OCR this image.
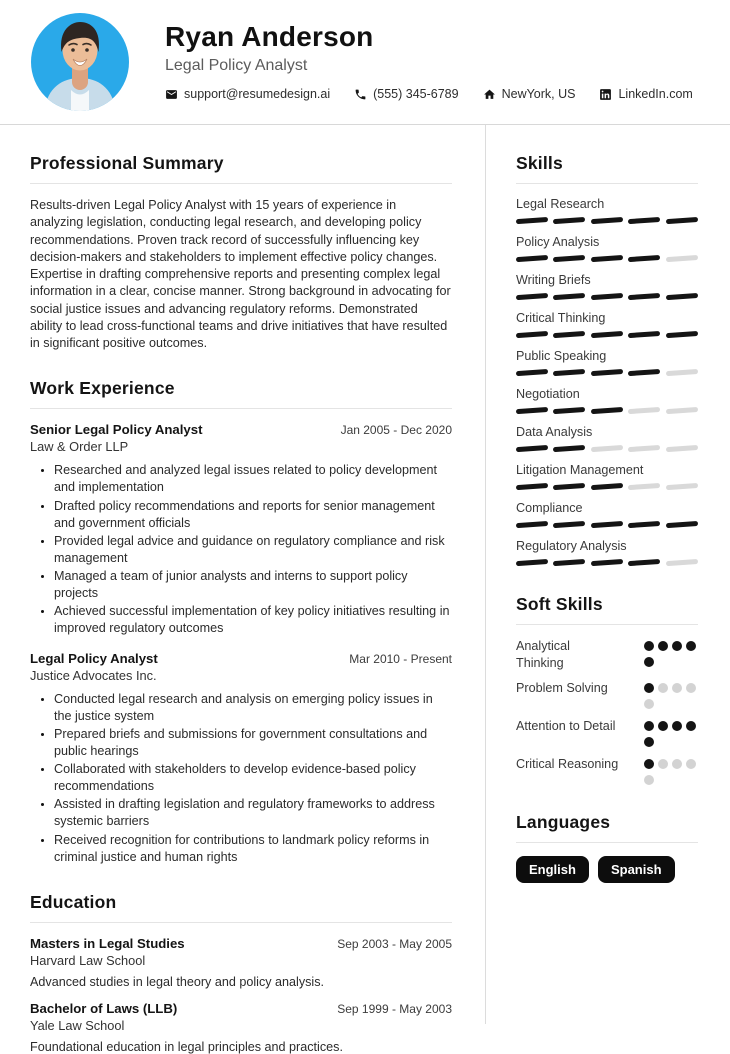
Ryan Anderson
Legal Policy Analyst
support@resumedesign.ai	(555) 345-6789	NewYork, US	LinkedIn.com
Professional Summary
Results-driven Legal Policy Analyst with 15 years of experience in analyzing legislation, conducting legal research, and developing policy recommendations. Proven track record of successfully influencing key decision-makers and stakeholders to implement effective policy changes. Expertise in drafting comprehensive reports and presenting complex legal information in a clear, concise manner. Strong background in advocating for social justice issues and advancing regulatory reforms. Demonstrated ability to lead cross-functional teams and drive initiatives that have resulted in significant positive outcomes.
Work Experience
Senior Legal Policy Analyst	Jan 2005 - Dec 2020
Law & Order LLP
• Researched and analyzed legal issues related to policy development and implementation
• Drafted policy recommendations and reports for senior management and government officials
• Provided legal advice and guidance on regulatory compliance and risk management
• Managed a team of junior analysts and interns to support policy projects
• Achieved successful implementation of key policy initiatives resulting in improved regulatory outcomes
Legal Policy Analyst	Mar 2010 - Present
Justice Advocates Inc.
• Conducted legal research and analysis on emerging policy issues in the justice system
• Prepared briefs and submissions for government consultations and public hearings
• Collaborated with stakeholders to develop evidence-based policy recommendations
• Assisted in drafting legislation and regulatory frameworks to address systemic barriers
• Received recognition for contributions to landmark policy reforms in criminal justice and human rights
Education
Masters in Legal Studies	Sep 2003 - May 2005
Harvard Law School
Advanced studies in legal theory and policy analysis.
Bachelor of Laws (LLB)	Sep 1999 - May 2003
Yale Law School
Foundational education in legal principles and practices.
Skills
Legal Research
Policy Analysis
Writing Briefs
Critical Thinking
Public Speaking
Negotiation
Data Analysis
Litigation Management
Compliance
Regulatory Analysis
Soft Skills
Analytical Thinking
Problem Solving
Attention to Detail
Critical Reasoning
Languages
English	Spanish
